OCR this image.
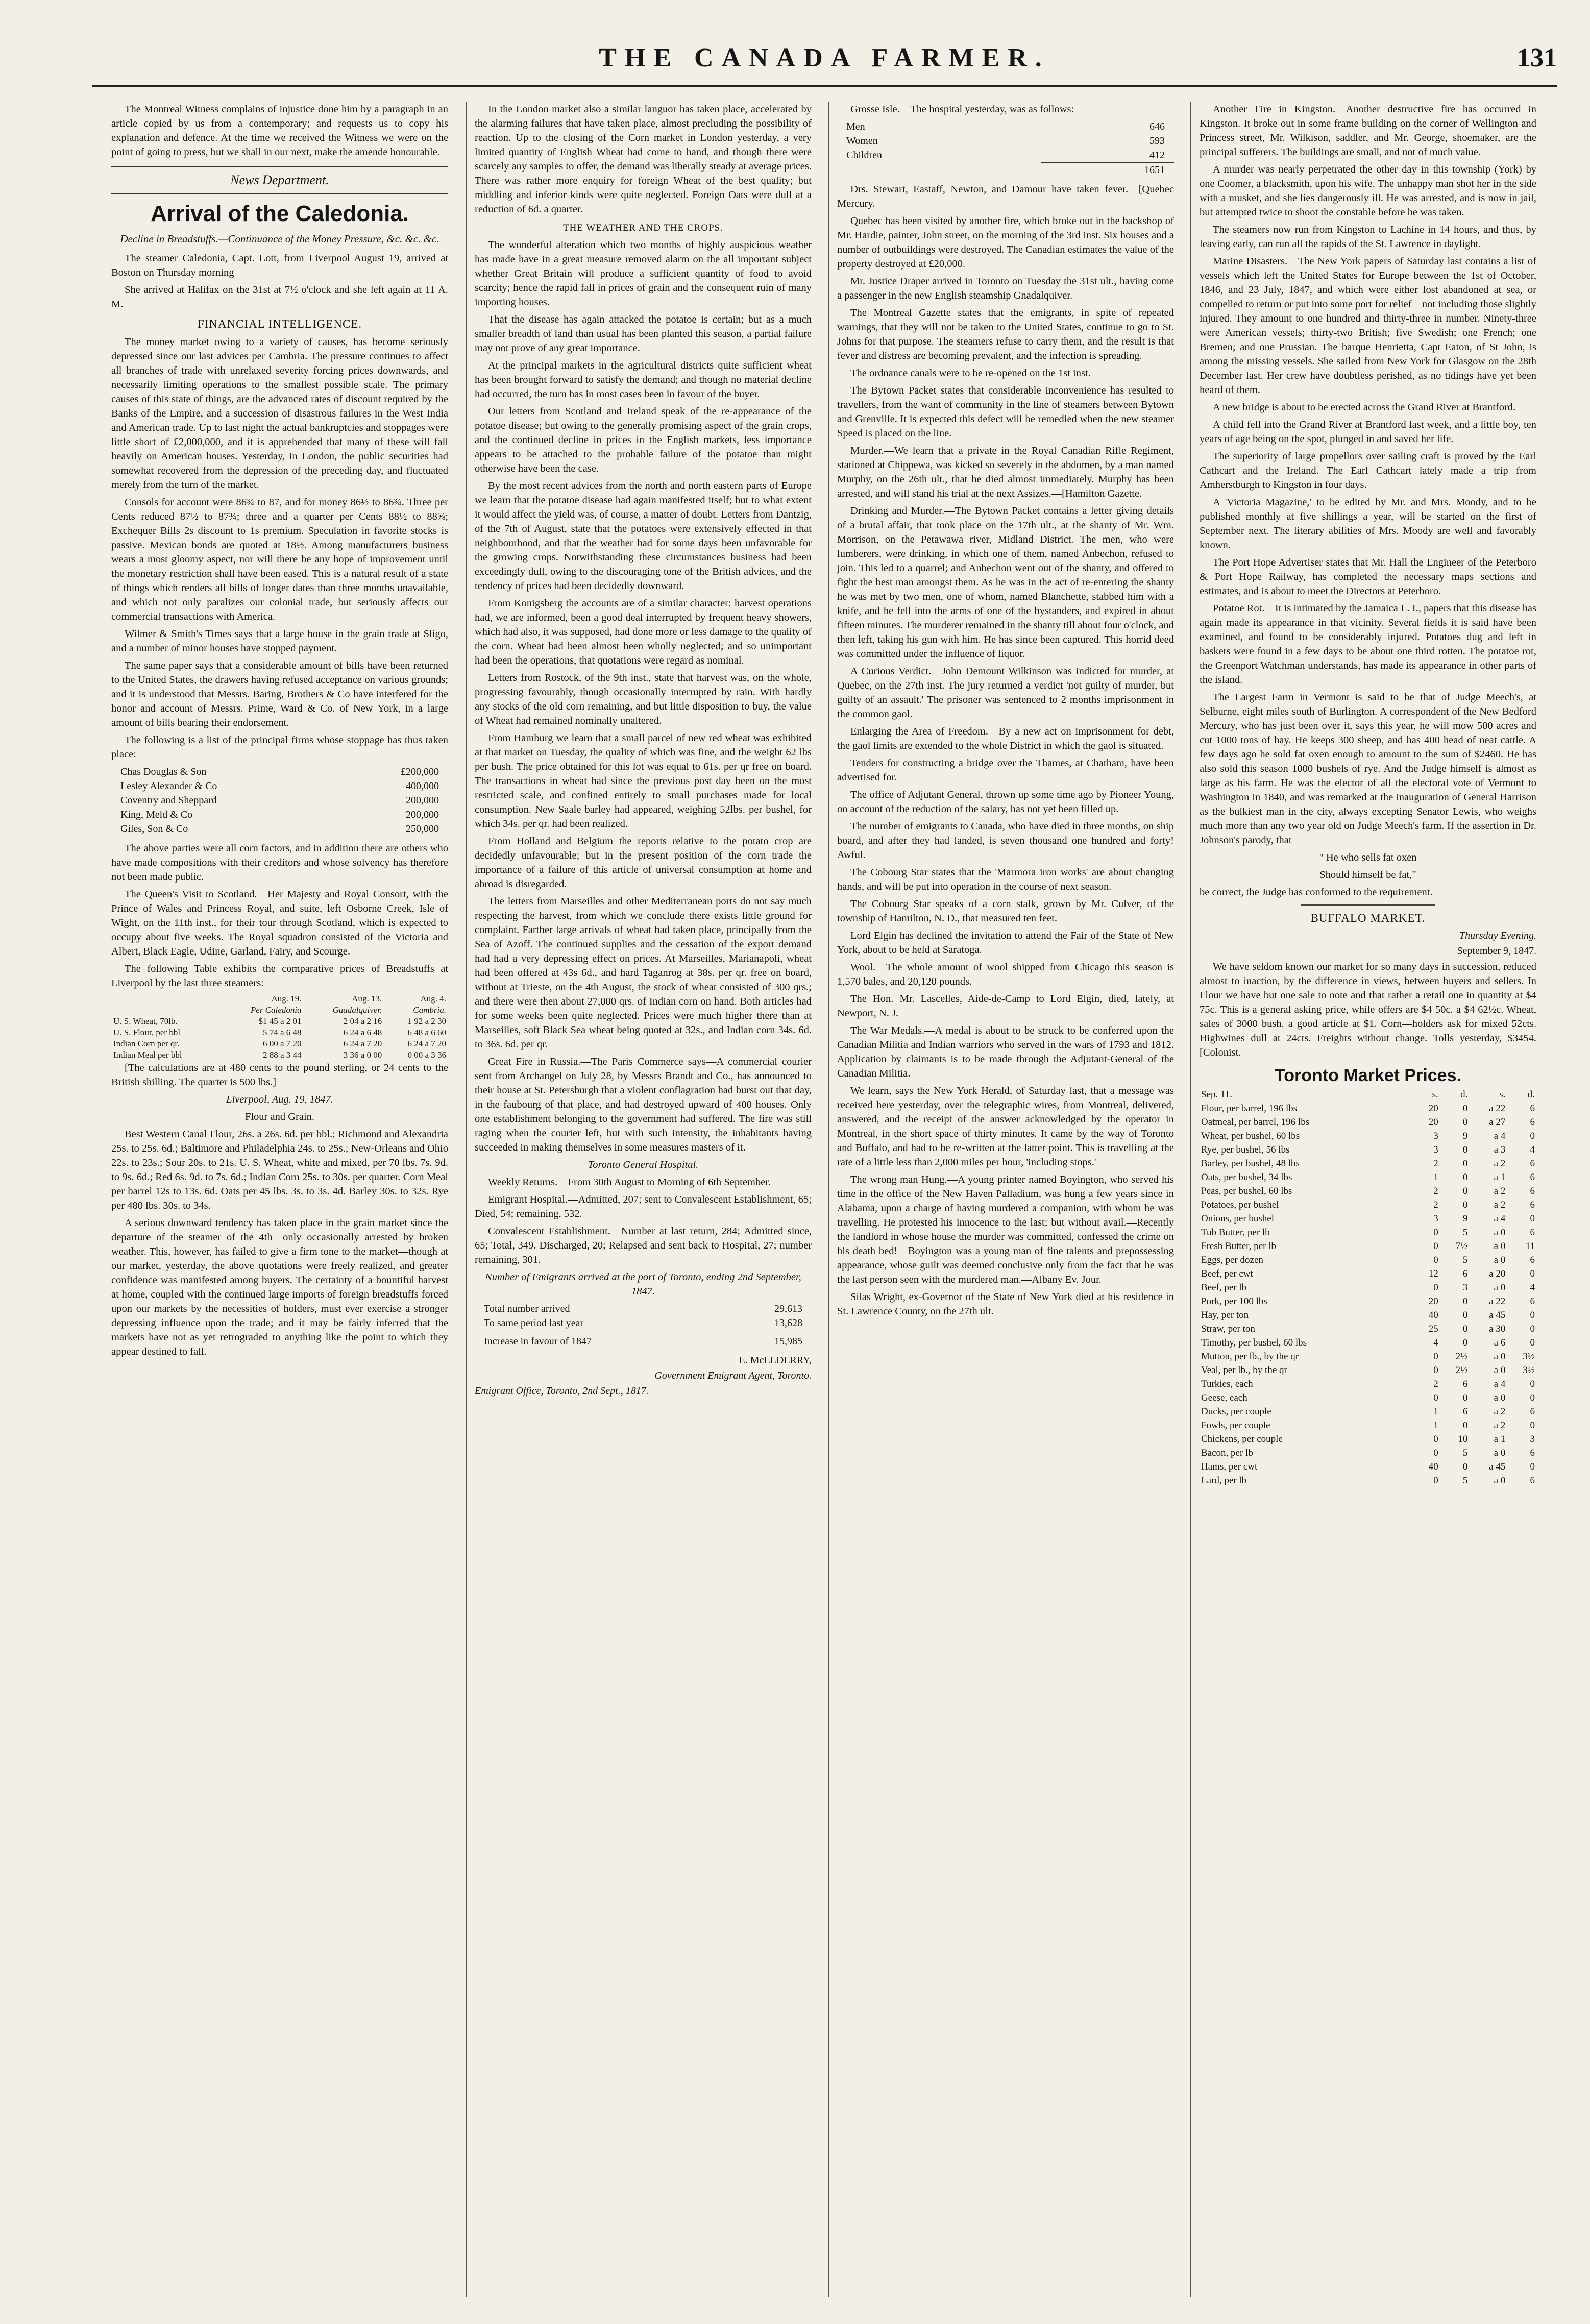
THE CANADA FARMER.	131

The Montreal Witness complains of injustice done him by a paragraph in an article copied by us from a contemporary; and requests us to copy his explanation and defence. At the time we received the Witness we were on the point of going to press, but we shall in our next, make the amende honourable.

News Department.
Arrival of the Caledonia.
Decline in Breadstuffs.—Continuance of the Money Pressure, &c. &c. &c.

The steamer Caledonia, Capt. Lott, from Liverpool August 19, arrived at Boston on Thursday morning

She arrived at Halifax on the 31st at 7½ o'clock and she left again at 11 A. M.

FINANCIAL INTELLIGENCE.

The money market owing to a variety of causes, has become seriously depressed since our last advices per Cambria. The pressure continues to affect all branches of trade with unrelaxed severity forcing prices downwards, and necessarily limiting operations to the smallest possible scale. The primary causes of this state of things, are the advanced rates of discount required by the Banks of the Empire, and a succession of disastrous failures in the West India and American trade. Up to last night the actual bankruptcies and stoppages were little short of £2,000,000, and it is apprehended that many of these will fall heavily on American houses. Yesterday, in London, the public securities had somewhat recovered from the depression of the preceding day, and fluctuated merely from the turn of the market.

Consols for account were 86¾ to 87, and for money 86½ to 86¾. Three per Cents reduced 87½ to 87¾; three and a quarter per Cents 88½ to 88⅝; Exchequer Bills 2s discount to 1s premium. Speculation in favorite stocks is passive. Mexican bonds are quoted at 18½. Among manufacturers business wears a most gloomy aspect, nor will there be any hope of improvement until the monetary restriction shall have been eased. This is a natural result of a state of things which renders all bills of longer dates than three months unavailable, and which not only paralizes our colonial trade, but seriously affects our commercial transactions with America.

Wilmer & Smith's Times says that a large house in the grain trade at Sligo, and a number of minor houses have stopped payment.

The same paper says that a considerable amount of bills have been returned to the United States, the drawers having refused acceptance on various grounds; and it is understood that Messrs. Baring, Brothers & Co have interfered for the honor and account of Messrs. Prime, Ward & Co. of New York, in a large amount of bills bearing their endorsement.

The following is a list of the principal firms whose stoppage has thus taken place:—

Chas Douglas & Son	£200,000
Lesley Alexander & Co	400,000
Coventry and Sheppard	200,000
King, Meld & Co	200,000
Giles, Son & Co	250,000

The above parties were all corn factors, and in addition there are others who have made compositions with their creditors and whose solvency has therefore not been made public.

The Queen's Visit to Scotland.—Her Majesty and Royal Consort, with the Prince of Wales and Princess Royal, and suite, left Osborne Creek, Isle of Wight, on the 11th inst., for their tour through Scotland, which is expected to occupy about five weeks. The Royal squadron consisted of the Victoria and Albert, Black Eagle, Udine, Garland, Fairy, and Scourge.

The following Table exhibits the comparative prices of Breadstuffs at Liverpool by the last three steamers:

	Aug. 19.	Aug. 13.	Aug. 4.
	Per Caledonia	Guadalquiver.	Cambria.
U. S. Wheat, 70lb.	$1 45 a 2 01	2 04 a 2 16	1 92 a 2 30
U. S. Flour, per bbl	5 74 a 6 48	6 24 a 6 48	6 48 a 6 60
Indian Corn per qr.	6 00 a 7 20	6 24 a 7 20	6 24 a 7 20
Indian Meal per bbl	2 88 a 3 44	3 36 a 0 00	0 00 a 3 36

[The calculations are at 480 cents to the pound sterling, or 24 cents to the British shilling. The quarter is 500 lbs.]

Liverpool, Aug. 19, 1847.

Flour and Grain.

Best Western Canal Flour, 26s. a 26s. 6d. per bbl.; Richmond and Alexandria 25s. to 25s. 6d.; Baltimore and Philadelphia 24s. to 25s.; New-Orleans and Ohio 22s. to 23s.; Sour 20s. to 21s. U. S. Wheat, white and mixed, per 70 lbs. 7s. 9d. to 9s. 6d.; Red 6s. 9d. to 7s. 6d.; Indian Corn 25s. to 30s. per quarter. Corn Meal per barrel 12s to 13s. 6d. Oats per 45 lbs. 3s. to 3s. 4d. Barley 30s. to 32s. Rye per 480 lbs. 30s. to 34s.

A serious downward tendency has taken place in the grain market since the departure of the steamer of the 4th—only occasionally arrested by broken weather. This, however, has failed to give a firm tone to the market—though at our market, yesterday, the above quotations were freely realized, and greater confidence was manifested among buyers. The certainty of a bountiful harvest at home, coupled with the continued large imports of foreign breadstuffs forced upon our markets by the necessities of holders, must ever exercise a stronger depressing influence upon the trade; and it may be fairly inferred that the markets have not as yet retrograded to anything like the point to which they appear destined to fall.

In the London market also a similar languor has taken place, accelerated by the alarming failures that have taken place, almost precluding the possibility of reaction. Up to the closing of the Corn market in London yesterday, a very limited quantity of English Wheat had come to hand, and though there were scarcely any samples to offer, the demand was liberally steady at average prices. There was rather more enquiry for foreign Wheat of the best quality; but middling and inferior kinds were quite neglected. Foreign Oats were dull at a reduction of 6d. a quarter.

THE WEATHER AND THE CROPS.

The wonderful alteration which two months of highly auspicious weather has made have in a great measure removed alarm on the all important subject whether Great Britain will produce a sufficient quantity of food to avoid scarcity; hence the rapid fall in prices of grain and the consequent ruin of many importing houses.

That the disease has again attacked the potatoe is certain; but as a much smaller breadth of land than usual has been planted this season, a partial failure may not prove of any great importance.

At the principal markets in the agricultural districts quite sufficient wheat has been brought forward to satisfy the demand; and though no material decline had occurred, the turn has in most cases been in favour of the buyer.

Our letters from Scotland and Ireland speak of the re-appearance of the potatoe disease; but owing to the generally promising aspect of the grain crops, and the continued decline in prices in the English markets, less importance appears to be attached to the probable failure of the potatoe than might otherwise have been the case.

By the most recent advices from the north and north eastern parts of Europe we learn that the potatoe disease had again manifested itself; but to what extent it would affect the yield was, of course, a matter of doubt. Letters from Dantzig, of the 7th of August, state that the potatoes were extensively effected in that neighbourhood, and that the weather had for some days been unfavorable for the growing crops. Notwithstanding these circumstances business had been exceedingly dull, owing to the discouraging tone of the British advices, and the tendency of prices had been decidedly downward.

From Konigsberg the accounts are of a similar character: harvest operations had, we are informed, been a good deal interrupted by frequent heavy showers, which had also, it was supposed, had done more or less damage to the quality of the corn. Wheat had been almost been wholly neglected; and so unimportant had been the operations, that quotations were regard as nominal.

Letters from Rostock, of the 9th inst., state that harvest was, on the whole, progressing favourably, though occasionally interrupted by rain. With hardly any stocks of the old corn remaining, and but little disposition to buy, the value of Wheat had remained nominally unaltered.

From Hamburg we learn that a small parcel of new red wheat was exhibited at that market on Tuesday, the quality of which was fine, and the weight 62 lbs per bush. The price obtained for this lot was equal to 61s. per qr free on board. The transactions in wheat had since the previous post day been on the most restricted scale, and confined entirely to small purchases made for local consumption. New Saale barley had appeared, weighing 52lbs. per bushel, for which 34s. per qr. had been realized.

From Holland and Belgium the reports relative to the potato crop are decidedly unfavourable; but in the present position of the corn trade the importance of a failure of this article of universal consumption at home and abroad is disregarded.

The letters from Marseilles and other Mediterranean ports do not say much respecting the harvest, from which we conclude there exists little ground for complaint. Farther large arrivals of wheat had taken place, principally from the Sea of Azoff. The continued supplies and the cessation of the export demand had had a very depressing effect on prices. At Marseilles, Marianapoli, wheat had been offered at 43s 6d., and hard Taganrog at 38s. per qr. free on board, without at Trieste, on the 4th August, the stock of wheat consisted of 300 qrs.; and there were then about 27,000 qrs. of Indian corn on hand. Both articles had for some weeks been quite neglected. Prices were much higher there than at Marseilles, soft Black Sea wheat being quoted at 32s., and Indian corn 34s. 6d. to 36s. 6d. per qr.

Great Fire in Russia.—The Paris Commerce says—A commercial courier sent from Archangel on July 28, by Messrs Brandt and Co., has announced to their house at St. Petersburgh that a violent conflagration had burst out that day, in the faubourg of that place, and had destroyed upward of 400 houses. Only one establishment belonging to the government had suffered. The fire was still raging when the courier left, but with such intensity, the inhabitants having succeeded in making themselves in some measures masters of it.

Toronto General Hospital.

Weekly Returns.—From 30th August to Morning of 6th September.

Emigrant Hospital.—Admitted, 207; sent to Convalescent Establishment, 65; Died, 54; remaining, 532.

Convalescent Establishment.—Number at last return, 284; Admitted since, 65; Total, 349. Discharged, 20; Relapsed and sent back to Hospital, 27; number remaining, 301.

Number of Emigrants arrived at the port of Toronto, ending 2nd September, 1847.

Total number arrived	29,613
To same period last year	13,628
Increase in favour of 1847	15,985
E. McELDERRY,
Government Emigrant Agent, Toronto.
Emigrant Office, Toronto, 2nd Sept., 1817.

Grosse Isle.—The hospital yesterday, was as follows:—

Men	646
Women	593
Children	412
1651

Drs. Stewart, Eastaff, Newton, and Damour have taken fever.—[Quebec Mercury.

Quebec has been visited by another fire, which broke out in the backshop of Mr. Hardie, painter, John street, on the morning of the 3rd inst. Six houses and a number of outbuildings were destroyed. The Canadian estimates the value of the property destroyed at £20,000.

Mr. Justice Draper arrived in Toronto on Tuesday the 31st ult., having come a passenger in the new English steamship Gnadalquiver.

The Montreal Gazette states that the emigrants, in spite of repeated warnings, that they will not be taken to the United States, continue to go to St. Johns for that purpose. The steamers refuse to carry them, and the result is that fever and distress are becoming prevalent, and the infection is spreading.

The ordnance canals were to be re-opened on the 1st inst.

The Bytown Packet states that considerable inconvenience has resulted to travellers, from the want of community in the line of steamers between Bytown and Grenville. It is expected this defect will be remedied when the new steamer Speed is placed on the line.

Murder.—We learn that a private in the Royal Canadian Rifle Regiment, stationed at Chippewa, was kicked so severely in the abdomen, by a man named Murphy, on the 26th ult., that he died almost immediately. Murphy has been arrested, and will stand his trial at the next Assizes.—[Hamilton Gazette.

Drinking and Murder.—The Bytown Packet contains a letter giving details of a brutal affair, that took place on the 17th ult., at the shanty of Mr. Wm. Morrison, on the Petawawa river, Midland District. The men, who were lumberers, were drinking, in which one of them, named Anbechon, refused to join. This led to a quarrel; and Anbechon went out of the shanty, and offered to fight the best man amongst them. As he was in the act of re-entering the shanty he was met by two men, one of whom, named Blanchette, stabbed him with a knife, and he fell into the arms of one of the bystanders, and expired in about fifteen minutes. The murderer remained in the shanty till about four o'clock, and then left, taking his gun with him. He has since been captured. This horrid deed was committed under the influence of liquor.

A Curious Verdict.—John Demount Wilkinson was indicted for murder, at Quebec, on the 27th inst. The jury returned a verdict 'not guilty of murder, but guilty of an assault.' The prisoner was sentenced to 2 months imprisonment in the common gaol.

Enlarging the Area of Freedom.—By a new act on imprisonment for debt, the gaol limits are extended to the whole District in which the gaol is situated.

Tenders for constructing a bridge over the Thames, at Chatham, have been advertised for.

The office of Adjutant General, thrown up some time ago by Pioneer Young, on account of the reduction of the salary, has not yet been filled up.

The number of emigrants to Canada, who have died in three months, on ship board, and after they had landed, is seven thousand one hundred and forty! Awful.

The Cobourg Star states that the 'Marmora iron works' are about changing hands, and will be put into operation in the course of next season.

The Cobourg Star speaks of a corn stalk, grown by Mr. Culver, of the township of Hamilton, N. D., that measured ten feet.

Lord Elgin has declined the invitation to attend the Fair of the State of New York, about to be held at Saratoga.

Wool.—The whole amount of wool shipped from Chicago this season is 1,570 bales, and 20,120 pounds.

The Hon. Mr. Lascelles, Aide-de-Camp to Lord Elgin, died, lately, at Newport, N. J.

The War Medals.—A medal is about to be struck to be conferred upon the Canadian Militia and Indian warriors who served in the wars of 1793 and 1812. Application by claimants is to be made through the Adjutant-General of the Canadian Militia.

We learn, says the New York Herald, of Saturday last, that a message was received here yesterday, over the telegraphic wires, from Montreal, delivered, answered, and the receipt of the answer acknowledged by the operator in Montreal, in the short space of thirty minutes. It came by the way of Toronto and Buffalo, and had to be re-written at the latter point. This is travelling at the rate of a little less than 2,000 miles per hour, 'including stops.'

The wrong man Hung.—A young printer named Boyington, who served his time in the office of the New Haven Palladium, was hung a few years since in Alabama, upon a charge of having murdered a companion, with whom he was travelling. He protested his innocence to the last; but without avail.—Recently the landlord in whose house the murder was committed, confessed the crime on his death bed!—Boyington was a young man of fine talents and prepossessing appearance, whose guilt was deemed conclusive only from the fact that he was the last person seen with the murdered man.—Albany Ev. Jour.

Silas Wright, ex-Governor of the State of New York died at his residence in St. Lawrence County, on the 27th ult.

Another Fire in Kingston.—Another destructive fire has occurred in Kingston. It broke out in some frame building on the corner of Wellington and Princess street, Mr. Wilkison, saddler, and Mr. George, shoemaker, are the principal sufferers. The buildings are small, and not of much value.

A murder was nearly perpetrated the other day in this township (York) by one Coomer, a blacksmith, upon his wife. The unhappy man shot her in the side with a musket, and she lies dangerously ill. He was arrested, and is now in jail, but attempted twice to shoot the constable before he was taken.

The steamers now run from Kingston to Lachine in 14 hours, and thus, by leaving early, can run all the rapids of the St. Lawrence in daylight.

Marine Disasters.—The New York papers of Saturday last contains a list of vessels which left the United States for Europe between the 1st of October, 1846, and 23 July, 1847, and which were either lost abandoned at sea, or compelled to return or put into some port for relief—not including those slightly injured. They amount to one hundred and thirty-three in number. Ninety-three were American vessels; thirty-two British; five Swedish; one French; one Bremen; and one Prussian. The barque Henrietta, Capt Eaton, of St John, is among the missing vessels. She sailed from New York for Glasgow on the 28th December last. Her crew have doubtless perished, as no tidings have yet been heard of them.

A new bridge is about to be erected across the Grand River at Brantford.

A child fell into the Grand River at Brantford last week, and a little boy, ten years of age being on the spot, plunged in and saved her life.

The superiority of large propellors over sailing craft is proved by the Earl Cathcart and the Ireland. The Earl Cathcart lately made a trip from Amherstburgh to Kingston in four days.

A 'Victoria Magazine,' to be edited by Mr. and Mrs. Moody, and to be published monthly at five shillings a year, will be started on the first of September next. The literary abilities of Mrs. Moody are well and favorably known.

The Port Hope Advertiser states that Mr. Hall the Engineer of the Peterboro & Port Hope Railway, has completed the necessary maps sections and estimates, and is about to meet the Directors at Peterboro.

Potatoe Rot.—It is intimated by the Jamaica L. I., papers that this disease has again made its appearance in that vicinity. Several fields it is said have been examined, and found to be considerably injured. Potatoes dug and left in baskets were found in a few days to be about one third rotten. The potatoe rot, the Greenport Watchman understands, has made its appearance in other parts of the island.

The Largest Farm in Vermont is said to be that of Judge Meech's, at Selburne, eight miles south of Burlington. A correspondent of the New Bedford Mercury, who has just been over it, says this year, he will mow 500 acres and cut 1000 tons of hay. He keeps 300 sheep, and has 400 head of neat cattle. A few days ago he sold fat oxen enough to amount to the sum of $2460. He has also sold this season 1000 bushels of rye. And the Judge himself is almost as large as his farm. He was the elector of all the electoral vote of Vermont to Washington in 1840, and was remarked at the inauguration of General Harrison as the bulkiest man in the city, always excepting Senator Lewis, who weighs much more than any two year old on Judge Meech's farm. If the assertion in Dr. Johnson's parody, that

" He who sells fat oxen

Should himself be fat,"

be correct, the Judge has conformed to the requirement.

BUFFALO MARKET.
Thursday Evening.
September 9, 1847.

We have seldom known our market for so many days in succession, reduced almost to inaction, by the difference in views, between buyers and sellers. In Flour we have but one sale to note and that rather a retail one in quantity at $4 75c. This is a general asking price, while offers are $4 50c. a $4 62½c. Wheat, sales of 3000 bush. a good article at $1. Corn—holders ask for mixed 52cts. Highwines dull at 24cts. Freights without change. Tolls yesterday, $3454.[Colonist.

Toronto Market Prices.
Sep. 11.	s.	d.	s.	d.
Flour, per barrel, 196 lbs	20	0	a 22	6
Oatmeal, per barrel, 196 lbs	20	0	a 27	6
Wheat, per bushel, 60 lbs	3	9	a 4	0
Rye, per bushel, 56 lbs	3	0	a 3	4
Barley, per bushel, 48 lbs	2	0	a 2	6
Oats, per bushel, 34 lbs	1	0	a 1	6
Peas, per bushel, 60 lbs	2	0	a 2	6
Potatoes, per bushel	2	0	a 2	6
Onions, per bushel	3	9	a 4	0
Tub Butter, per lb	0	5	a 0	6
Fresh Butter, per lb	0	7½	a 0	11
Eggs, per dozen	0	5	a 0	6
Beef, per cwt	12	6	a 20	0
Beef, per lb	0	3	a 0	4
Pork, per 100 lbs	20	0	a 22	6
Hay, per ton	40	0	a 45	0
Straw, per ton	25	0	a 30	0
Timothy, per bushel, 60 lbs	4	0	a 6	0
Mutton, per lb., by the qr	0	2½	a 0	3½
Veal, per lb., by the qr	0	2½	a 0	3½
Turkies, each	2	6	a 4	0
Geese, each	0	0	a 0	0
Ducks, per couple	1	6	a 2	6
Fowls, per couple	1	0	a 2	0
Chickens, per couple	0	10	a 1	3
Bacon, per lb	0	5	a 0	6
Hams, per cwt	40	0	a 45	0
Lard, per lb	0	5	a 0	6
